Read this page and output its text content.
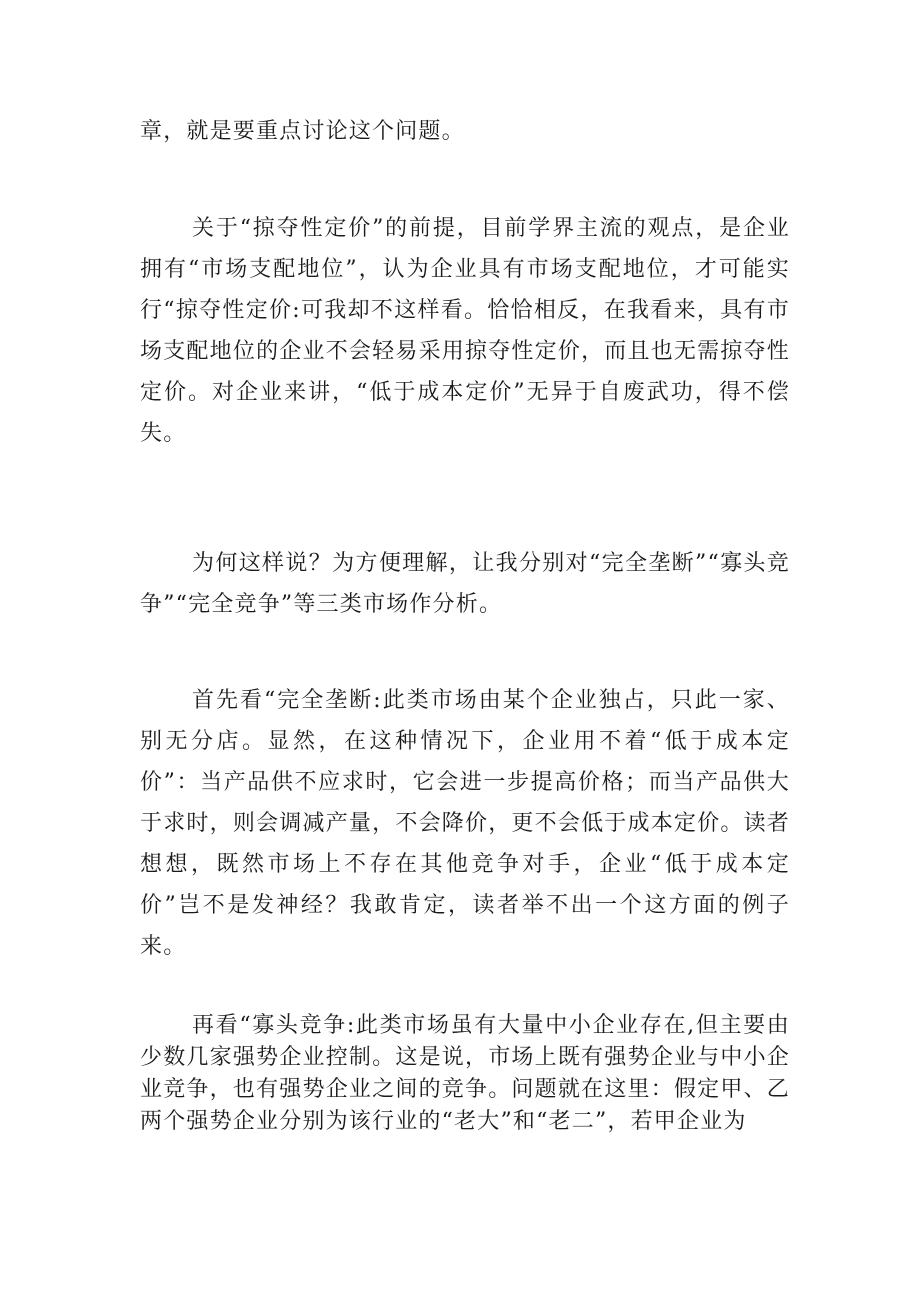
章，就是要重点讨论这个问题。

关于“掠夺性定价”的前提，目前学界主流的观点，是企业拥有“市场支配地位”，认为企业具有市场支配地位，才可能实行“掠夺性定价:可我却不这样看。恰恰相反，在我看来，具有市场支配地位的企业不会轻易采用掠夺性定价，而且也无需掠夺性定价。对企业来讲，“低于成本定价”无异于自废武功，得不偿失。

为何这样说？为方便理解，让我分别对“完全垄断”“寡头竞争”“完全竞争”等三类市场作分析。

首先看“完全垄断:此类市场由某个企业独占，只此一家、别无分店。显然，在这种情况下，企业用不着“低于成本定价”：当产品供不应求时，它会进一步提高价格；而当产品供大于求时，则会调减产量，不会降价，更不会低于成本定价。读者想想，既然市场上不存在其他竞争对手，企业“低于成本定价”岂不是发神经？我敢肯定，读者举不出一个这方面的例子来。

再看“寡头竞争:此类市场虽有大量中小企业存在,但主要由少数几家强势企业控制。这是说，市场上既有强势企业与中小企业竞争，也有强势企业之间的竞争。问题就在这里：假定甲、乙两个强势企业分别为该行业的“老大”和“老二”，若甲企业为
